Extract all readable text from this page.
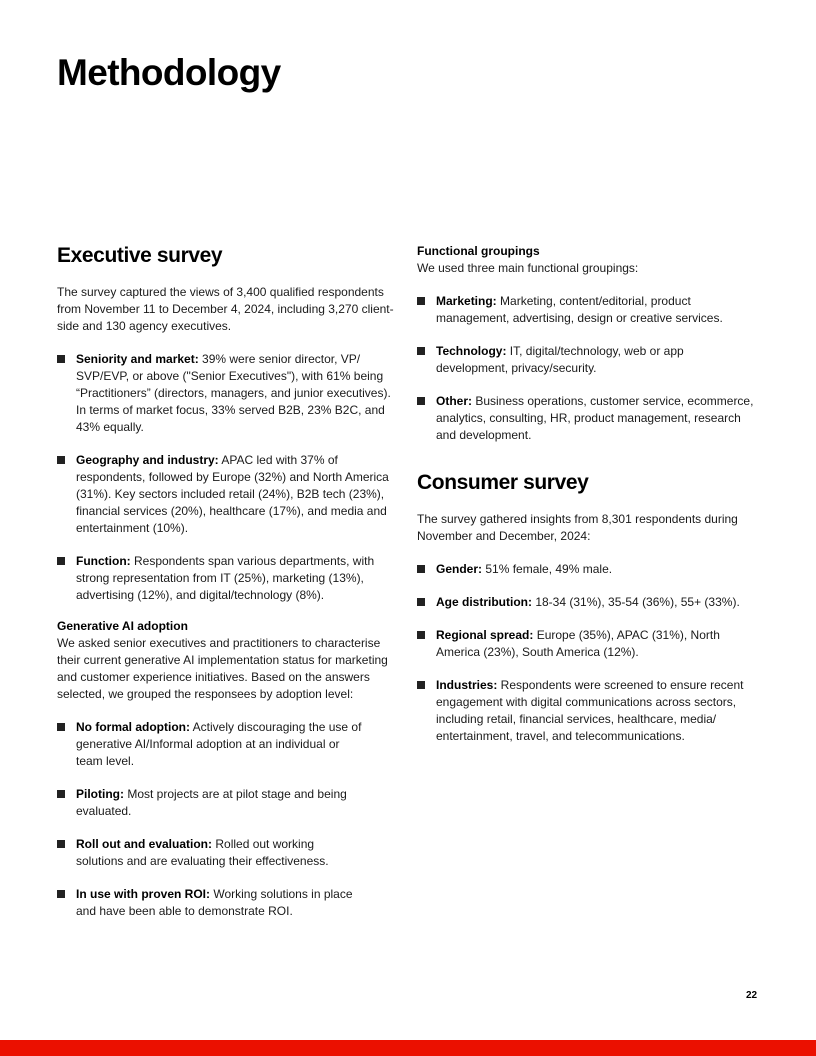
Methodology
Executive survey

The survey captured the views of 3,400 qualified respondents from November 11 to December 4, 2024, including 3,270 client-side and 130 agency executives.

Seniority and market: 39% were senior director, VP/ SVP/EVP, or above ("Senior Executives"), with 61% being “Practitioners” (directors, managers, and junior executives). In terms of market focus, 33% served B2B, 23% B2C, and 43% equally.
Geography and industry: APAC led with 37% of respondents, followed by Europe (32%) and North America (31%). Key sectors included retail (24%), B2B tech (23%), financial services (20%), healthcare (17%), and media and entertainment (10%).
Function: Respondents span various departments, with strong representation from IT (25%), marketing (13%), advertising (12%), and digital/technology (8%).

Generative AI adoption

We asked senior executives and practitioners to characterise their current generative AI implementation status for marketing and customer experience initiatives. Based on the answers selected, we grouped the responsees by adoption level:

No formal adoption: Actively discouraging the use of generative AI/Informal adoption at an individual or team level.
Piloting: Most projects are at pilot stage and being evaluated.
Roll out and evaluation: Rolled out working solutions and are evaluating their effectiveness.
In use with proven ROI: Working solutions in place and have been able to demonstrate ROI.

Functional groupings

We used three main functional groupings:

Marketing: Marketing, content/editorial, product management, advertising, design or creative services.
Technology: IT, digital/technology, web or app development, privacy/security.
Other: Business operations, customer service, ecommerce, analytics, consulting, HR, product management, research and development.
Consumer survey

The survey gathered insights from 8,301 respondents during November and December, 2024:

Gender: 51% female, 49% male.
Age distribution: 18-34 (31%), 35-54 (36%), 55+ (33%).
Regional spread: Europe (35%), APAC (31%), North America (23%), South America (12%).
Industries: Respondents were screened to ensure recent engagement with digital communications across sectors, including retail, financial services, healthcare, media/ entertainment, travel, and telecommunications.
22
